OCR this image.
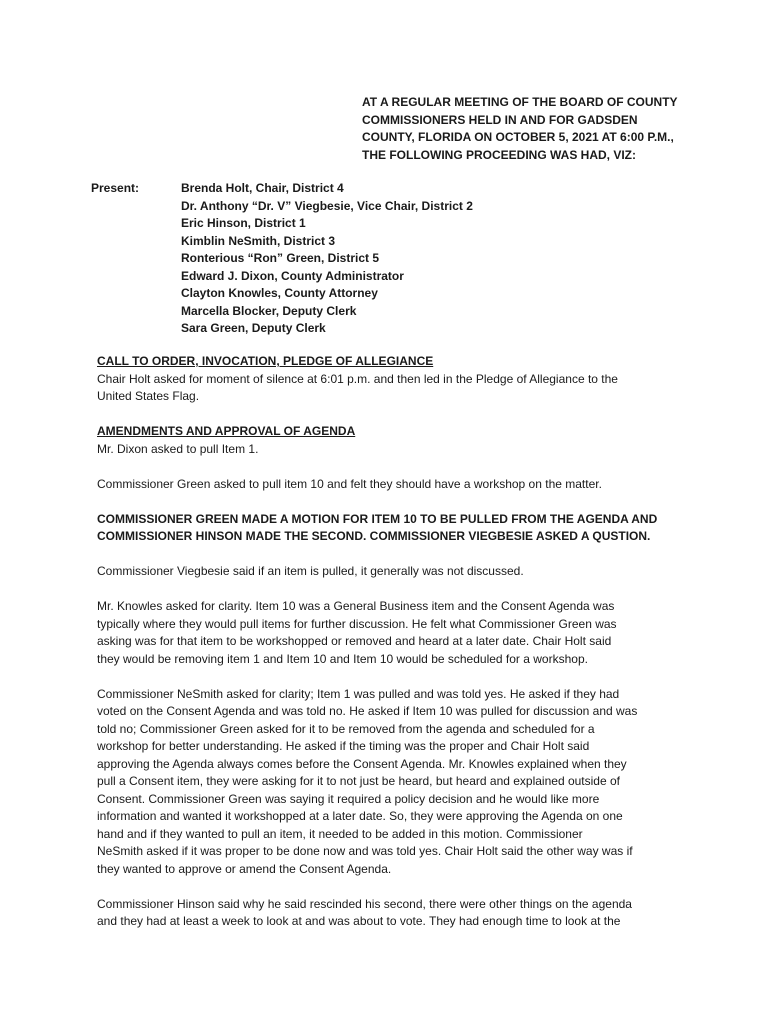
AT A REGULAR MEETING OF THE BOARD OF COUNTY
COMMISSIONERS HELD IN AND FOR GADSDEN
COUNTY, FLORIDA ON OCTOBER 5, 2021 AT 6:00 P.M.,
THE FOLLOWING PROCEEDING WAS HAD, VIZ:
Present:	Brenda Holt, Chair, District 4
Dr. Anthony “Dr. V” Viegbesie, Vice Chair, District 2
Eric Hinson, District 1
Kimblin NeSmith, District 3
Ronterious “Ron” Green, District 5
Edward J. Dixon, County Administrator
Clayton Knowles, County Attorney
Marcella Blocker, Deputy Clerk
Sara Green, Deputy Clerk

CALL TO ORDER, INVOCATION, PLEDGE OF ALLEGIANCE
Chair Holt asked for moment of silence at 6:01 p.m. and then led in the Pledge of Allegiance to the
United States Flag.

AMENDMENTS AND APPROVAL OF AGENDA
Mr. Dixon asked to pull Item 1.

Commissioner Green asked to pull item 10 and felt they should have a workshop on the matter.

COMMISSIONER GREEN MADE A MOTION FOR ITEM 10 TO BE PULLED FROM THE AGENDA AND
COMMISSIONER HINSON MADE THE SECOND. COMMISSIONER VIEGBESIE ASKED A QUSTION.

Commissioner Viegbesie said if an item is pulled, it generally was not discussed.

Mr. Knowles asked for clarity. Item 10 was a General Business item and the Consent Agenda was
typically where they would pull items for further discussion. He felt what Commissioner Green was
asking was for that item to be workshopped or removed and heard at a later date. Chair Holt said
they would be removing item 1 and Item 10 and Item 10 would be scheduled for a workshop.

Commissioner NeSmith asked for clarity; Item 1 was pulled and was told yes. He asked if they had
voted on the Consent Agenda and was told no. He asked if Item 10 was pulled for discussion and was
told no; Commissioner Green asked for it to be removed from the agenda and scheduled for a
workshop for better understanding. He asked if the timing was the proper and Chair Holt said
approving the Agenda always comes before the Consent Agenda. Mr. Knowles explained when they
pull a Consent item, they were asking for it to not just be heard, but heard and explained outside of
Consent. Commissioner Green was saying it required a policy decision and he would like more
information and wanted it workshopped at a later date. So, they were approving the Agenda on one
hand and if they wanted to pull an item, it needed to be added in this motion. Commissioner
NeSmith asked if it was proper to be done now and was told yes. Chair Holt said the other way was if
they wanted to approve or amend the Consent Agenda.

Commissioner Hinson said why he said rescinded his second, there were other things on the agenda
and they had at least a week to look at and was about to vote. They had enough time to look at the
